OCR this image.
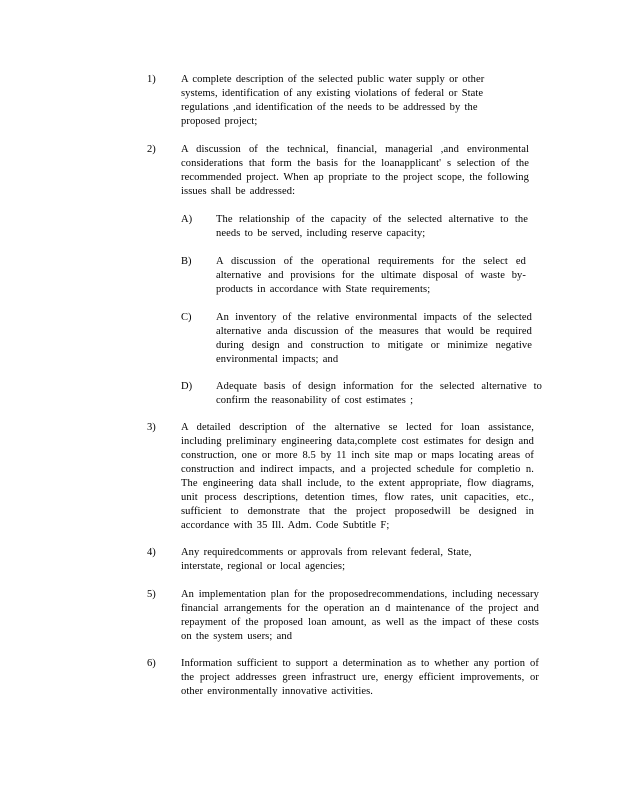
1)	A complete description of the selected public water supply or other systems, identification of any existing violations of federal or State regulations ,and identification of the needs to be addressed by the proposed project;
2)	A discussion of the technical, financial, managerial ,and environmental considerations that form the basis for the loanapplicant' s selection of the recommended project. When ap propriate to the project scope, the following issues shall be addressed:
A)	The relationship of the capacity of the selected alternative to the needs to be served, including reserve capacity;
B)	A discussion of the operational requirements for the select ed alternative and provisions for the ultimate disposal of waste by-products in accordance with State requirements;
C)	An inventory of the relative environmental impacts of the selected alternative anda discussion of the measures that would be required during design and construction to mitigate or minimize negative environmental impacts; and
D)	Adequate basis of design information for the selected alternative to confirm the reasonability of cost estimates ;
3)	A detailed description of the alternative se lected for loan assistance, including preliminary engineering data,complete cost estimates for design and construction, one or more 8.5 by 11 inch site map or maps locating areas of construction and indirect impacts, and a projected schedule for completio n. The engineering data shall include, to the extent appropriate, flow diagrams, unit process descriptions, detention times, flow rates, unit capacities, etc., sufficient to demonstrate that the project proposedwill be designed in accordance with 35 Ill. Adm. Code Subtitle F;
4)	Any requiredcomments or approvals from relevant federal, State, interstate, regional or local agencies;
5)	An implementation plan for the proposedrecommendations, including necessary financial arrangements for the operation an d maintenance of the project and repayment of the proposed loan amount, as well as the impact of these costs on the system users; and
6)	Information sufficient to support a determination as to whether any portion of the project addresses green infrastruct ure, energy efficient improvements, or other environmentally innovative activities.
